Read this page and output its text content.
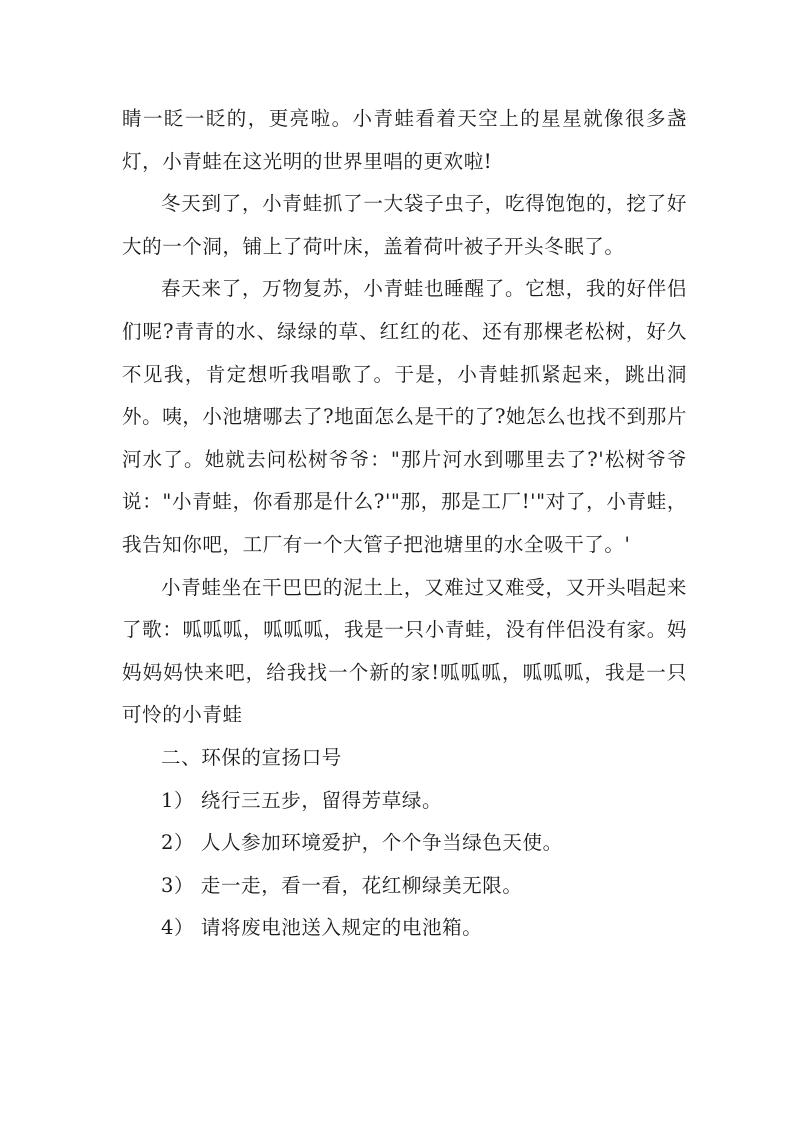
睛一眨一眨的，更亮啦。小青蛙看着天空上的星星就像很多盏灯，小青蛙在这光明的世界里唱的更欢啦!

冬天到了，小青蛙抓了一大袋子虫子，吃得饱饱的，挖了好大的一个洞，铺上了荷叶床，盖着荷叶被子开头冬眠了。

春天来了，万物复苏，小青蛙也睡醒了。它想，我的好伴侣们呢?青青的水、绿绿的草、红红的花、还有那棵老松树，好久不见我，肯定想听我唱歌了。于是，小青蛙抓紧起来，跳出洞外。咦，小池塘哪去了?地面怎么是干的了?她怎么也找不到那片河水了。她就去问松树爷爷："那片河水到哪里去了?'松树爷爷说："小青蛙，你看那是什么?'"那，那是工厂!'"对了，小青蛙，我告知你吧，工厂有一个大管子把池塘里的水全吸干了。'

小青蛙坐在干巴巴的泥土上，又难过又难受，又开头唱起来了歌：呱呱呱，呱呱呱，我是一只小青蛙，没有伴侣没有家。妈妈妈妈快来吧，给我找一个新的家!呱呱呱，呱呱呱，我是一只可怜的小青蛙

二、环保的宣扬口号

1） 绕行三五步，留得芳草绿。

2） 人人参加环境爱护，个个争当绿色天使。

3） 走一走，看一看，花红柳绿美无限。

4） 请将废电池送入规定的电池箱。
